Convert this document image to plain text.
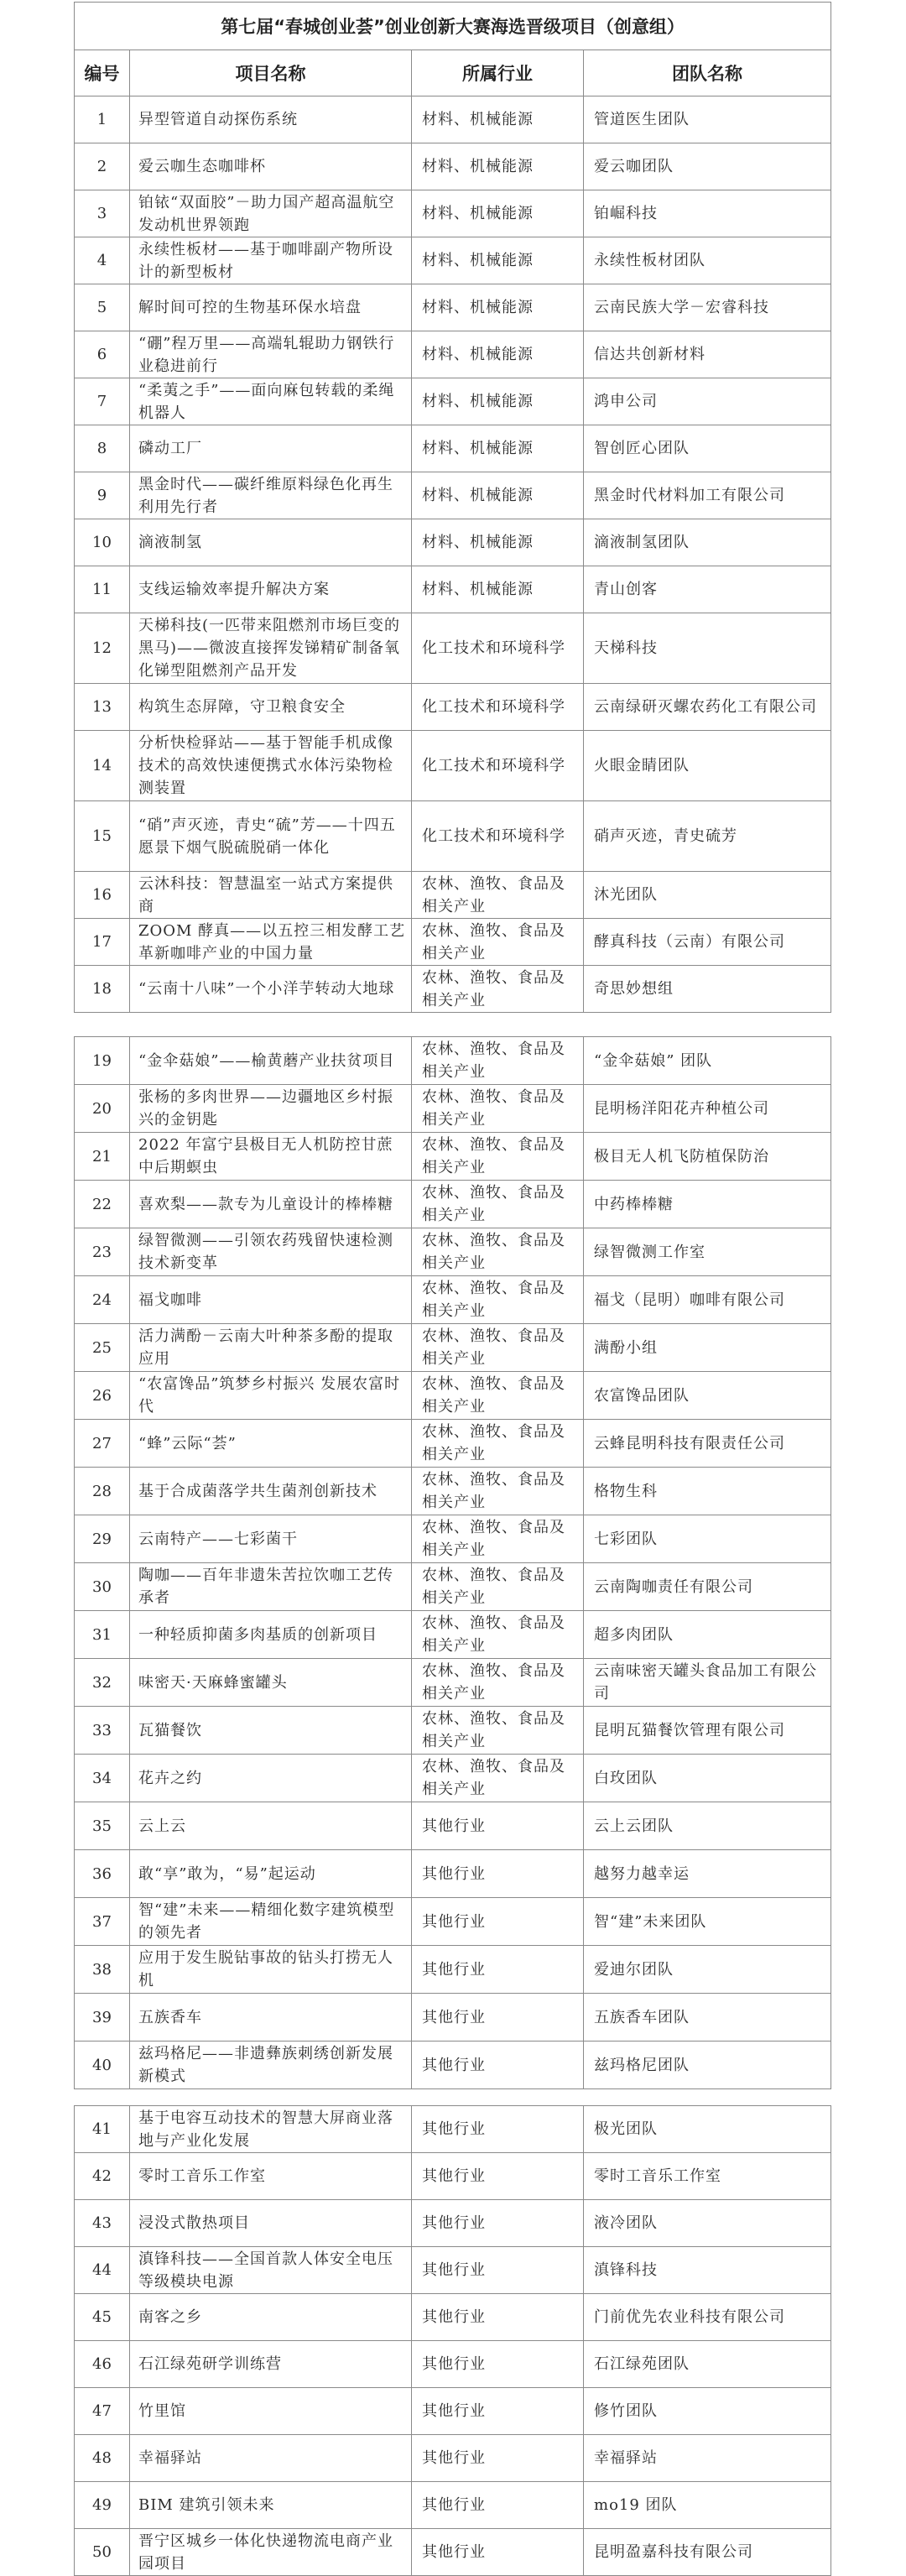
第七届“春城创业荟”创业创新大赛海选晋级项目（创意组）			
编号	项目名称	所属行业	团队名称
1	异型管道自动探伤系统	材料、机械能源	管道医生团队
2	爱云咖生态咖啡杯	材料、机械能源	爱云咖团队
3	铂铱“双面胶”－助力国产超高温航空发动机世界领跑	材料、机械能源	铂崛科技
4	永续性板材——基于咖啡副产物所设计的新型板材	材料、机械能源	永续性板材团队
5	解时间可控的生物基环保水培盘	材料、机械能源	云南民族大学－宏睿科技
6	“硼”程万里——高端轧辊助力钢铁行业稳进前行	材料、机械能源	信达共创新材料
7	“柔荑之手”——面向麻包转载的柔绳机器人	材料、机械能源	鸿申公司
8	磷动工厂	材料、机械能源	智创匠心团队
9	黑金时代——碳纤维原料绿色化再生利用先行者	材料、机械能源	黑金时代材料加工有限公司
10	滴液制氢	材料、机械能源	滴液制氢团队
11	支线运输效率提升解决方案	材料、机械能源	青山创客
12	天梯科技(一匹带来阻燃剂市场巨变的黑马)——微波直接挥发锑精矿制备氧化锑型阻燃剂产品开发	化工技术和环境科学	天梯科技
13	构筑生态屏障，守卫粮食安全	化工技术和环境科学	云南绿研灭螺农药化工有限公司
14	分析快检驿站——基于智能手机成像技术的高效快速便携式水体污染物检测装置	化工技术和环境科学	火眼金睛团队
15	“硝”声灭迹，青史“硫”芳——十四五愿景下烟气脱硫脱硝一体化	化工技术和环境科学	硝声灭迹，青史硫芳
16	云沐科技：智慧温室一站式方案提供商	农林、渔牧、食品及相关产业	沐光团队
17	ZOOM 酵真——以五控三相发酵工艺革新咖啡产业的中国力量	农林、渔牧、食品及相关产业	酵真科技（云南）有限公司
18	“云南十八味”一个小洋芋转动大地球	农林、渔牧、食品及相关产业	奇思妙想组
19	“金伞菇娘”——榆黄蘑产业扶贫项目	农林、渔牧、食品及相关产业	“金伞菇娘” 团队
20	张杨的多肉世界——边疆地区乡村振兴的金钥匙	农林、渔牧、食品及相关产业	昆明杨洋阳花卉种植公司
21	2022 年富宁县极目无人机防控甘蔗中后期螟虫	农林、渔牧、食品及相关产业	极目无人机飞防植保防治
22	喜欢梨——款专为儿童设计的棒棒糖	农林、渔牧、食品及相关产业	中药棒棒糖
23	绿智微测——引领农药残留快速检测技术新变革	农林、渔牧、食品及相关产业	绿智微测工作室
24	福戈咖啡	农林、渔牧、食品及相关产业	福戈（昆明）咖啡有限公司
25	活力满酚－云南大叶种茶多酚的提取应用	农林、渔牧、食品及相关产业	满酚小组
26	“农富馋品”筑梦乡村振兴 发展农富时代	农林、渔牧、食品及相关产业	农富馋品团队
27	“蜂”云际“荟”	农林、渔牧、食品及相关产业	云蜂昆明科技有限责任公司
28	基于合成菌落学共生菌剂创新技术	农林、渔牧、食品及相关产业	格物生科
29	云南特产——七彩菌干	农林、渔牧、食品及相关产业	七彩团队
30	陶咖——百年非遗朱苦拉饮咖工艺传承者	农林、渔牧、食品及相关产业	云南陶咖责任有限公司
31	一种轻质抑菌多肉基质的创新项目	农林、渔牧、食品及相关产业	超多肉团队
32	味密天·天麻蜂蜜罐头	农林、渔牧、食品及相关产业	云南味密天罐头食品加工有限公司
33	瓦猫餐饮	农林、渔牧、食品及相关产业	昆明瓦猫餐饮管理有限公司
34	花卉之约	农林、渔牧、食品及相关产业	白玫团队
35	云上云	其他行业	云上云团队
36	敢“享”敢为，“易”起运动	其他行业	越努力越幸运
37	智“建”未来——精细化数字建筑模型的领先者	其他行业	智“建”未来团队
38	应用于发生脱钻事故的钻头打捞无人机	其他行业	爱迪尔团队
39	五族香车	其他行业	五族香车团队
40	兹玛格尼——非遗彝族刺绣创新发展新模式	其他行业	兹玛格尼团队
41	基于电容互动技术的智慧大屏商业落地与产业化发展	其他行业	极光团队
42	零时工音乐工作室	其他行业	零时工音乐工作室
43	浸没式散热项目	其他行业	液冷团队
44	滇锋科技——全国首款人体安全电压等级模块电源	其他行业	滇锋科技
45	南客之乡	其他行业	门前优先农业科技有限公司
46	石江绿苑研学训练营	其他行业	石江绿苑团队
47	竹里馆	其他行业	修竹团队
48	幸福驿站	其他行业	幸福驿站
49	BIM 建筑引领未来	其他行业	mo19 团队
50	晋宁区城乡一体化快递物流电商产业园项目	其他行业	昆明盈嘉科技有限公司
